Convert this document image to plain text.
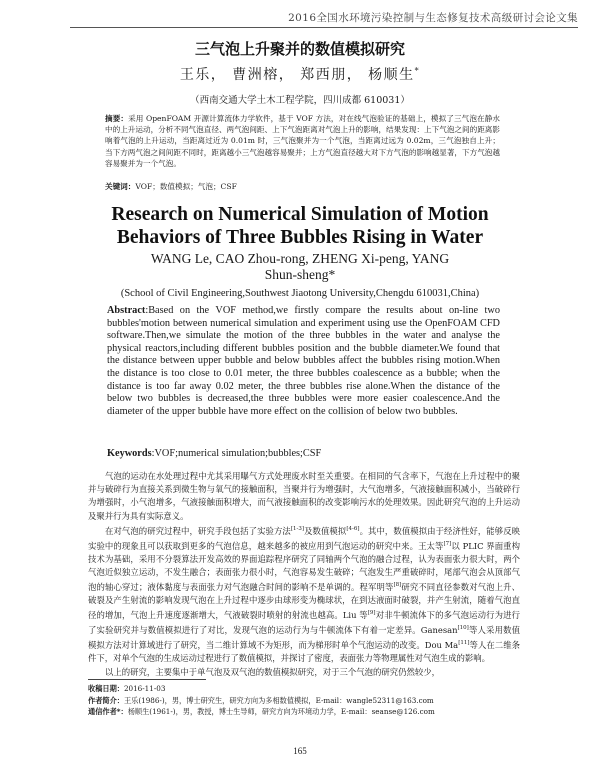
2016全国水环境污染控制与生态修复技术高级研讨会论文集
三气泡上升聚并的数值模拟研究
王乐， 曹洲榕， 郑西朋， 杨顺生*
（西南交通大学土木工程学院，四川成都 610031）
摘要：采用 OpenFOAM 开源计算流体力学软件，基于 VOF 方法，对在线气泡验证的基础上，模拟了三气泡在静水中的上升运动，分析不同气泡直径、两气泡间距、上下气泡距离对气泡上升的影响，结果发现：上下气泡之间的距离影响着气泡的上升运动，当距离过近为 0.01m 时，三气泡聚并为一个气泡，当距离过远为 0.02m，三气泡独自上升；当下方两气泡之间间距不同时，距离越小三气泡越容易聚并；上方气泡直径越大对下方气泡的影响越显著，下方气泡越容易聚并为一个气泡。
关键词：VOF；数值模拟；气泡；CSF
Research on Numerical Simulation of Motion Behaviors of Three Bubbles Rising in Water
WANG Le, CAO Zhou-rong, ZHENG Xi-peng, YANG Shun-sheng*
(School of Civil Engineering,Southwest Jiaotong University,Chengdu 610031,China)
Abstract:Based on the VOF method,we firstly compare the results about on-line two bubbles'motion between numerical simulation and experiment using use the OpenFOAM CFD software.Then,we simulate the motion of the three bubbles in the water and analyse the physical reactors,including different bubbles position and the bubble diameter.We found that the distance between upper bubble and below bubbles affect the bubbles rising motion.When the distance is too close to 0.01 meter, the three bubbles coalescence as a bubble; when the distance is too far away 0.02 meter, the three bubbles rise alone.When the distance of the below two bubbles is decreased,the three bubbles were more easier coalescence.And the diameter of the upper bubble have more effect on the collision of below two bubbles.
Keywords:VOF;numerical simulation;bubbles;CSF

气泡的运动在水处理过程中尤其采用曝气方式处理废水时至关重要。在相同的气含率下，气泡在上升过程中的聚并与破碎行为直接关系到微生物与氧气的接触面积，当聚并行为增强时，大气泡增多，气液接触面积减小，当破碎行为增强时，小气泡增多，气液接触面积增大，而气液接触面积的改变影响污水的处理效果。因此研究气泡的上升运动及聚并行为具有实际意义。

在对气泡的研究过程中，研究手段包括了实验方法[1-3]及数值模拟[4-6]。其中，数值模拟由于经济性好，能够反映实验中的现象且可以获取到更多的气泡信息，越来越多的被应用到气泡运动的研究中来。王太等[7]以 PLIC 界面重构技术为基础，采用不分裂算法开发高效的界面追踪程序研究了同轴两个气泡的融合过程，认为表面张力很大时，两个气泡近似独立运动，不发生融合；表面张力很小时，气泡容易发生破碎；气泡发生严重破碎时，尾部气泡会从顶部气泡的轴心穿过；液体黏度与表面张力对气泡融合时间的影响不是单调的。程军明等[8]研究不同直径参数对气泡上升、破裂及产生射流的影响发现气泡在上升过程中逐步由球形变为椭球状，在到达液面时破裂，并产生射流，随着气泡直径的增加，气泡上升速度逐渐增大，气液破裂时喷射的射流也越高。Liu 等[9]对非牛顿流体下的多气泡运动行为进行了实验研究并与数值模拟进行了对比，发现气泡的运动行为与牛顿流体下有着一定差异。Ganesan[10]等人采用数值模拟方法对计算域进行了研究，当二维计算域不为矩形，而为梯形时单个气泡运动的改变。Dou Ma[11]等人在二维条件下，对单个气泡的生成运动过程进行了数值模拟，并探讨了密度，表面张力等物理属性对气泡生成的影响。

以上的研究，主要集中于单气泡及双气泡的数值模拟研究，对于三个气泡的研究仍然较少，

收稿日期：2016-11-03
作者简介：王乐(1986-)，男，博士研究生，研究方向为多相数值模拟，E-mail：wangle52311@163.com
通信作者*：杨顺生(1961-)，男，教授，博士生导师，研究方向为环境动力学，E-mail：seanse@126.com
165
